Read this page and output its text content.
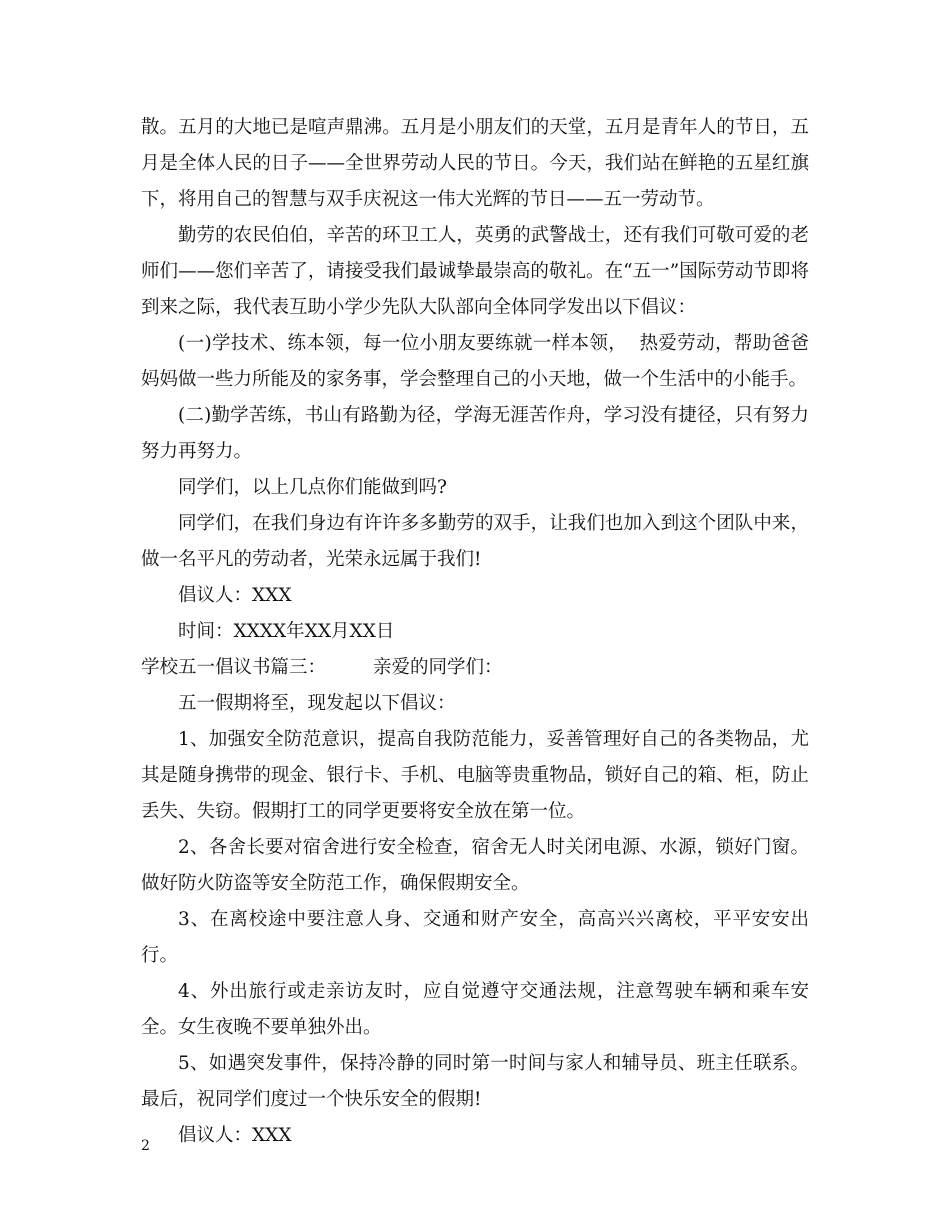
散。五月的大地已是喧声鼎沸。五月是小朋友们的天堂，五月是青年人的节日，五月是全体人民的日子——全世界劳动人民的节日。今天，我们站在鲜艳的五星红旗下，将用自己的智慧与双手庆祝这一伟大光辉的节日——五一劳动节。

勤劳的农民伯伯，辛苦的环卫工人，英勇的武警战士，还有我们可敬可爱的老师们——您们辛苦了，请接受我们最诚挚最崇高的敬礼。在“五一”国际劳动节即将到来之际，我代表互助小学少先队大队部向全体同学发出以下倡议：

(一)学技术、练本领，每一位小朋友要练就一样本领，  热爱劳动，帮助爸爸妈妈做一些力所能及的家务事，学会整理自己的小天地，做一个生活中的小能手。

(二)勤学苦练，书山有路勤为径，学海无涯苦作舟，学习没有捷径，只有努力努力再努力。

同学们，以上几点你们能做到吗?

同学们，在我们身边有许许多多勤劳的双手，让我们也加入到这个团队中来，做一名平凡的劳动者，光荣永远属于我们!

倡议人：XXX

时间：XXXX年XX月XX日

学校五一倡议书篇三：        亲爱的同学们：

五一假期将至，现发起以下倡议：

1、加强安全防范意识，提高自我防范能力，妥善管理好自己的各类物品，尤其是随身携带的现金、银行卡、手机、电脑等贵重物品，锁好自己的箱、柜，防止丢失、失窃。假期打工的同学更要将安全放在第一位。

2、各舍长要对宿舍进行安全检查，宿舍无人时关闭电源、水源，锁好门窗。做好防火防盗等安全防范工作，确保假期安全。

3、在离校途中要注意人身、交通和财产安全，高高兴兴离校，平平安安出行。

4、外出旅行或走亲访友时，应自觉遵守交通法规，注意驾驶车辆和乘车安全。女生夜晚不要单独外出。

5、如遇突发事件，保持冷静的同时第一时间与家人和辅导员、班主任联系。最后，祝同学们度过一个快乐安全的假期!

倡议人：XXX

2
